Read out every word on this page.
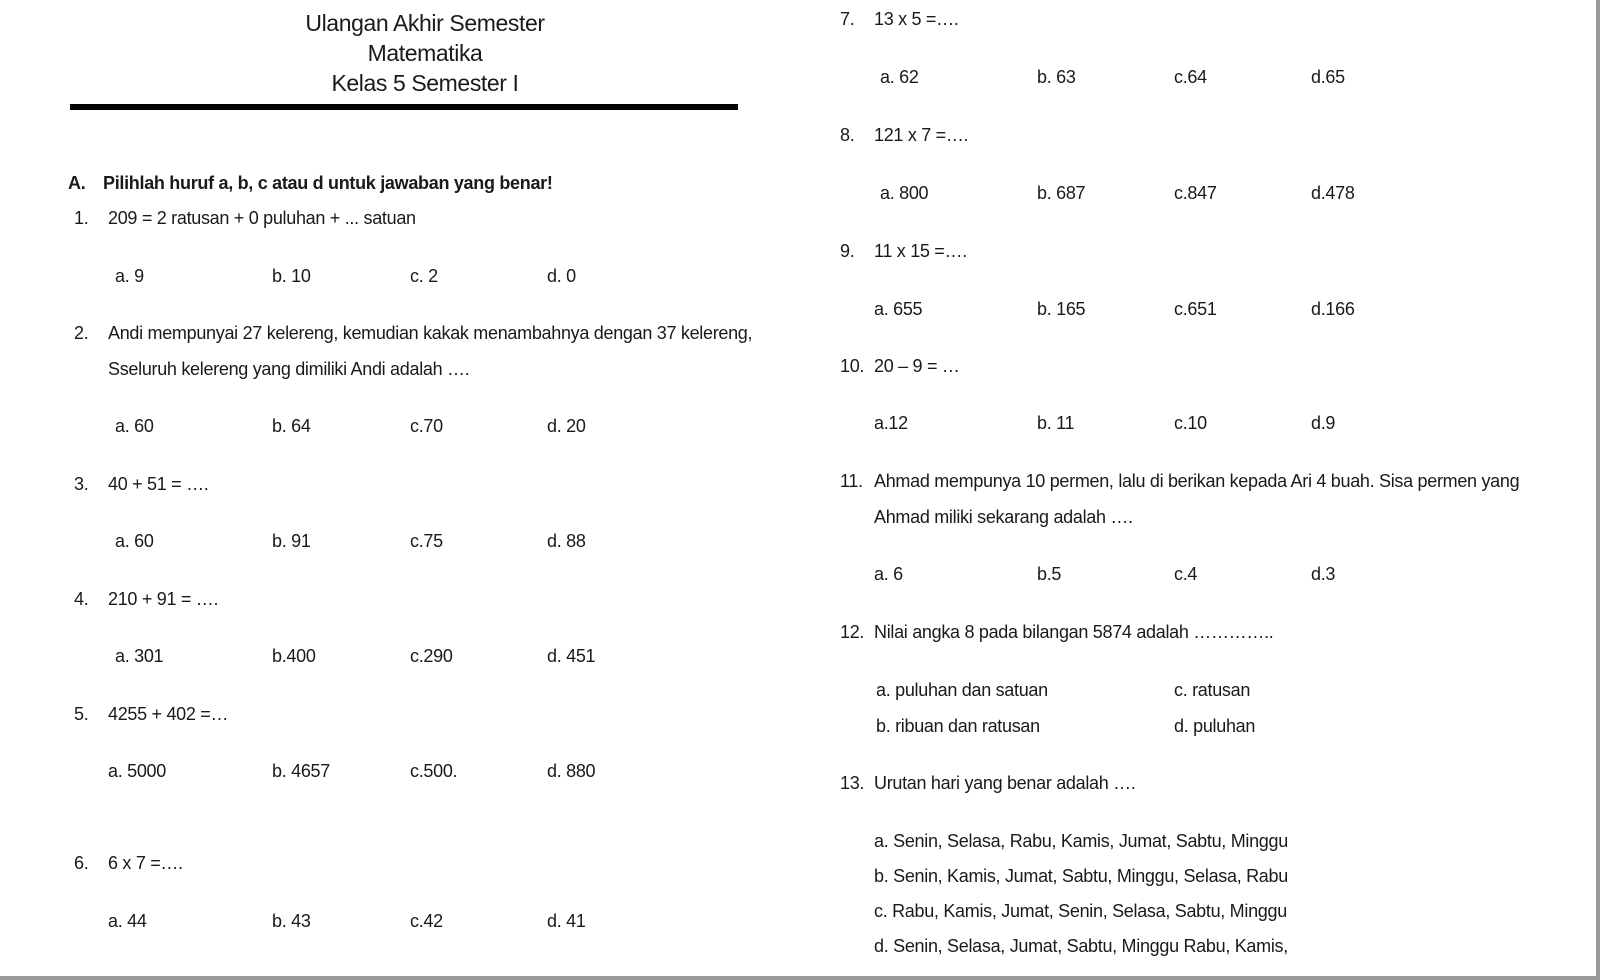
Ulangan Akhir Semester
Matematika
Kelas 5 Semester I
A. Pilihlah huruf a, b, c atau d untuk jawaban yang benar!
1. 209 = 2 ratusan + 0 puluhan + ... satuan
a. 9	b. 10	c. 2	d. 0
2. Andi mempunyai 27 kelereng, kemudian kakak menambahnya dengan 37 kelereng,
Sseluruh kelereng yang dimiliki Andi adalah ….
a. 60	b. 64	c.70	d. 20
3. 40 + 51 = ….
a. 60	b. 91	c.75	d. 88
4. 210 + 91 = ….
a. 301	b.400	c.290	d. 451
5. 4255 + 402 =…
a. 5000	b. 4657	c.500.	d. 880
6. 6 x 7 =….
a. 44	b. 43	c.42	d. 41
7. 13 x 5 =….
a. 62	b. 63	c.64	d.65
8. 121 x 7 =….
a. 800	b. 687	c.847	d.478
9. 11 x 15 =….
a. 655	b. 165	c.651	d.166
10. 20 – 9 = …
a.12	b. 11	c.10	d.9
11. Ahmad mempunya 10 permen, lalu di berikan kepada Ari 4 buah. Sisa permen yang
Ahmad miliki sekarang adalah ….
a. 6	b.5	c.4	d.3
12. Nilai angka 8 pada bilangan 5874 adalah …………..
a. puluhan dan satuan	c. ratusan
b. ribuan dan ratusan	d. puluhan
13. Urutan hari yang benar adalah ….
a. Senin, Selasa, Rabu, Kamis, Jumat, Sabtu, Minggu
b. Senin, Kamis, Jumat, Sabtu, Minggu, Selasa, Rabu
c. Rabu, Kamis, Jumat, Senin, Selasa, Sabtu, Minggu
d. Senin, Selasa, Jumat, Sabtu, Minggu Rabu, Kamis,
